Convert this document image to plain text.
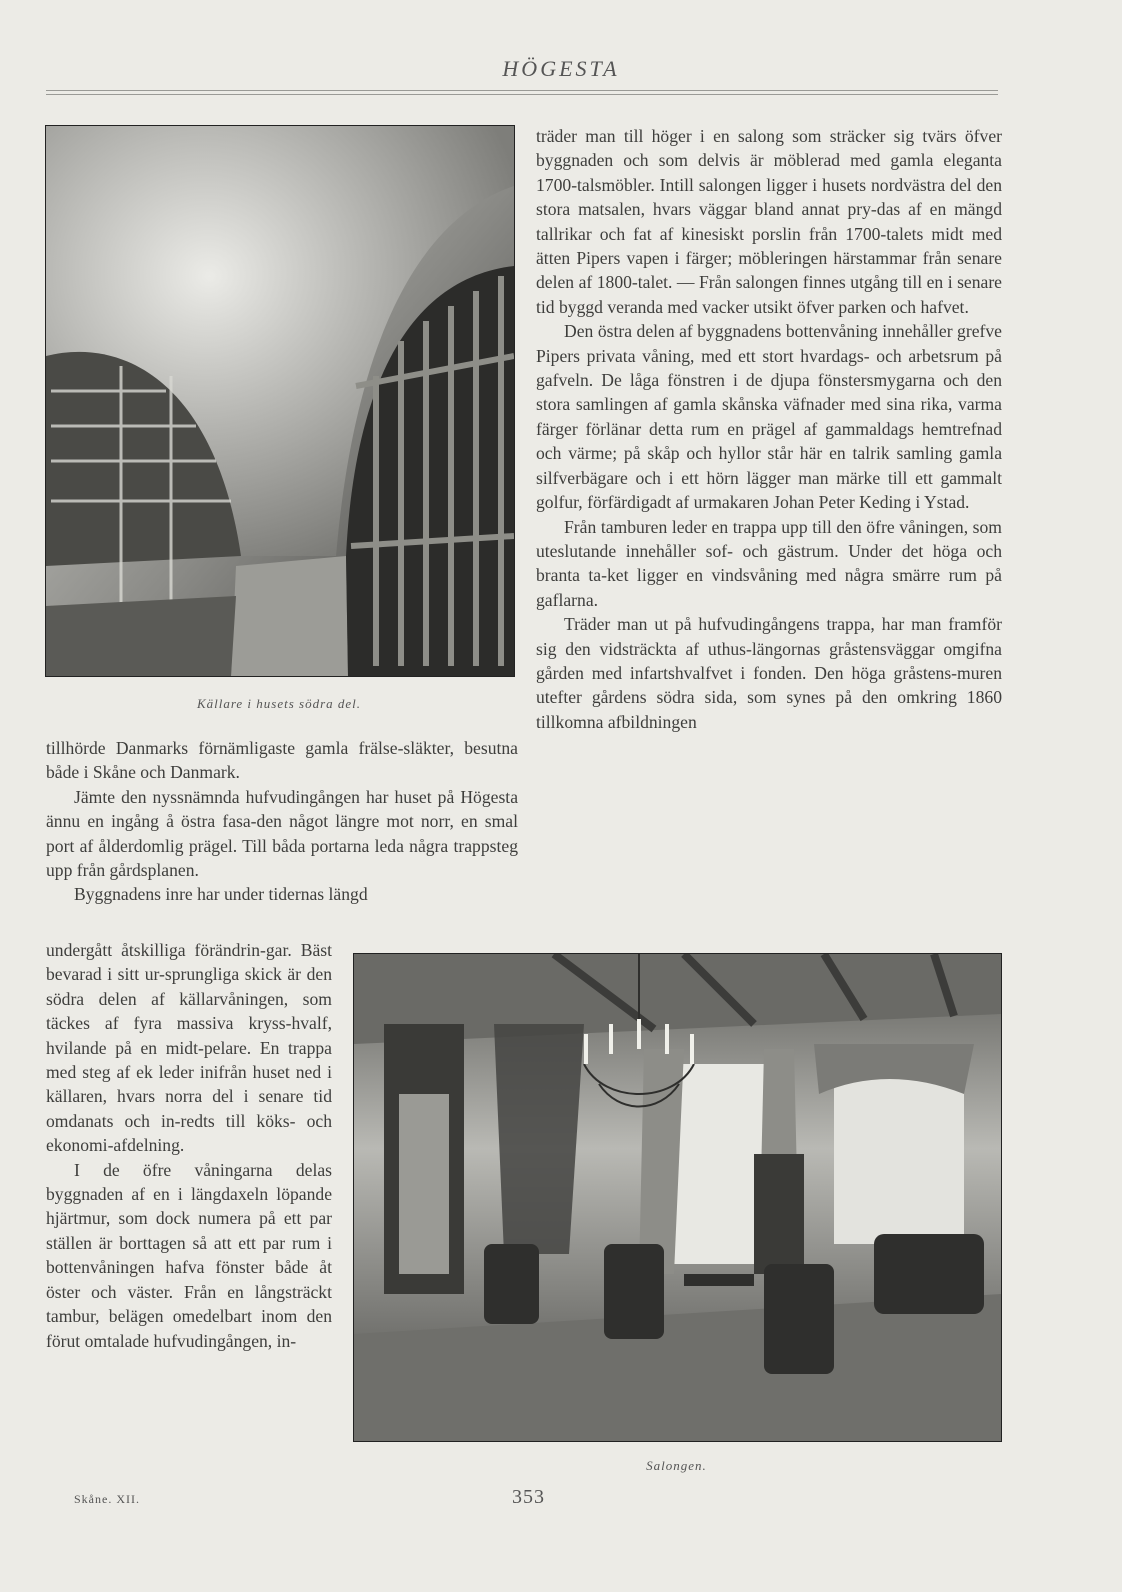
HÖGESTA
Källare i husets södra del.

tillhörde Danmarks förnämligaste gamla frälse-släkter, besutna både i Skåne och Danmark.

Jämte den nyssnämnda hufvudingången har huset på Högesta ännu en ingång å östra fasa-den något längre mot norr, en smal port af ålderdomlig prägel. Till båda portarna leda några trappsteg upp från gårdsplanen.

Byggnadens inre har under tidernas längd

undergått åtskilliga förändrin-gar. Bäst bevarad i sitt ur-sprungliga skick är den södra delen af källarvåningen, som täckes af fyra massiva kryss-hvalf, hvilande på en midt-pelare. En trappa med steg af ek leder inifrån huset ned i källaren, hvars norra del i senare tid omdanats och in-redts till köks- och ekonomi-afdelning.

I de öfre våningarna delas byggnaden af en i längdaxeln löpande hjärtmur, som dock numera på ett par ställen är borttagen så att ett par rum i bottenvåningen hafva fönster både åt öster och väster. Från en långsträckt tambur, belägen omedelbart inom den förut omtalade hufvudingången, in-

träder man till höger i en salong som sträcker sig tvärs öfver byggnaden och som delvis är möblerad med gamla eleganta 1700-talsmöbler. Intill salongen ligger i husets nordvästra del den stora matsalen, hvars väggar bland annat pry-das af en mängd tallrikar och fat af kinesiskt porslin från 1700-talets midt med ätten Pipers vapen i färger; möbleringen härstammar från senare delen af 1800-talet. — Från salongen finnes utgång till en i senare tid byggd veranda med vacker utsikt öfver parken och hafvet.

Den östra delen af byggnadens bottenvåning innehåller grefve Pipers privata våning, med ett stort hvardags- och arbetsrum på gafveln. De låga fönstren i de djupa fönstersmygarna och den stora samlingen af gamla skånska väfnader med sina rika, varma färger förlänar detta rum en prägel af gammaldags hemtrefnad och värme; på skåp och hyllor står här en talrik samling gamla silfverbägare och i ett hörn lägger man märke till ett gammalt golfur, förfärdigadt af urmakaren Johan Peter Keding i Ystad.

Från tamburen leder en trappa upp till den öfre våningen, som uteslutande innehåller sof- och gästrum. Under det höga och branta ta-ket ligger en vindsvåning med några smärre rum på gaflarna.

Träder man ut på hufvudingångens trappa, har man framför sig den vidsträckta af uthus-längornas gråstensväggar omgifna gården med infartshvalfvet i fonden. Den höga gråstens-muren utefter gårdens södra sida, som synes på den omkring 1860 tillkomna afbildningen

Salongen.
Skåne. XII.	353
